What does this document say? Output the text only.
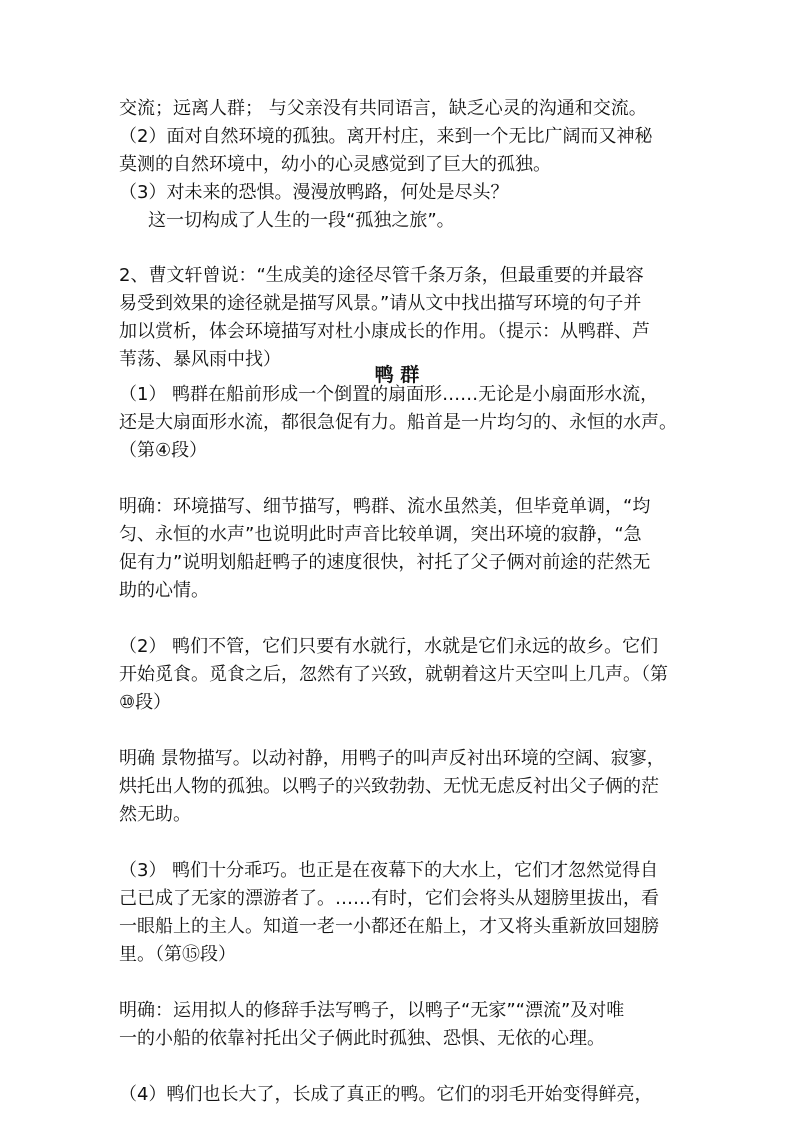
交流；远离人群； 与父亲没有共同语言，缺乏心灵的沟通和交流。
（2）面对自然环境的孤独。离开村庄，来到一个无比广阔而又神秘
莫测的自然环境中，幼小的心灵感觉到了巨大的孤独。
（3）对未来的恐惧。漫漫放鸭路，何处是尽头？
这一切构成了人生的一段“孤独之旅”。
2、曹文轩曾说：“生成美的途径尽管千条万条，但最重要的并最容
易受到效果的途径就是描写风景。”请从文中找出描写环境的句子并
加以赏析，体会环境描写对杜小康成长的作用。（提示：从鸭群、芦
苇荡、暴风雨中找）
鸭 群
（1） 鸭群在船前形成一个倒置的扇面形……无论是小扇面形水流，
还是大扇面形水流，都很急促有力。船首是一片均匀的、永恒的水声。
（第④段）
明确：环境描写、细节描写，鸭群、流水虽然美，但毕竟单调，“均
匀、永恒的水声”也说明此时声音比较单调，突出环境的寂静，“急
促有力”说明划船赶鸭子的速度很快，衬托了父子俩对前途的茫然无
助的心情。
（2） 鸭们不管，它们只要有水就行，水就是它们永远的故乡。它们
开始觅食。觅食之后，忽然有了兴致，就朝着这片天空叫上几声。（第
⑩段）
明确 景物描写。以动衬静，用鸭子的叫声反衬出环境的空阔、寂寥，
烘托出人物的孤独。以鸭子的兴致勃勃、无忧无虑反衬出父子俩的茫
然无助。
（3） 鸭们十分乖巧。也正是在夜幕下的大水上，它们才忽然觉得自
己已成了无家的漂游者了。……有时，它们会将头从翅膀里拔出，看
一眼船上的主人。知道一老一小都还在船上，才又将头重新放回翅膀
里。（第⑮段）
明确：运用拟人的修辞手法写鸭子，以鸭子“无家”“漂流”及对唯
一的小船的依靠衬托出父子俩此时孤独、恐惧、无依的心理。
（4）鸭们也长大了，长成了真正的鸭。它们的羽毛开始变得鲜亮，
